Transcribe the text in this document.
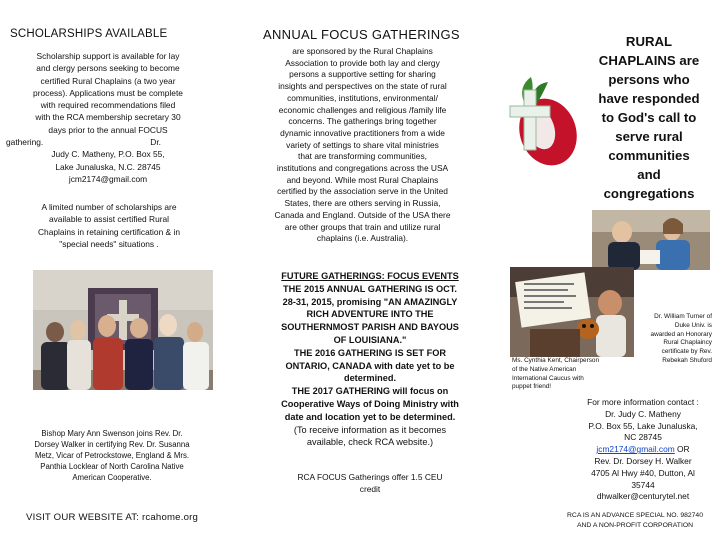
SCHOLARSHIPS AVAILABLE
Scholarship support is available for lay
and clergy persons seeking to become
certified Rural Chaplains (a two year
process). Applications must be complete
with required recommendations filed
with the RCA membership secretary 30
days prior to the annual FOCUS
gathering.                                              Dr.
Judy C. Matheny, P.O. Box 55,
Lake Junaluska, N.C. 28745
jcm2174@gmail.com
A limited number of scholarships are
available to assist certified Rural
Chaplains in retaining certification & in
"special needs" situations .
Bishop Mary Ann Swenson joins Rev. Dr.
Dorsey Walker in certifying Rev. Dr. Susanna
Metz, Vicar of Petrockstowe, England & Mrs.
Panthia Locklear of North Carolina Native
American Cooperative.
VISIT OUR WEBSITE AT: rcahome.org
ANNUAL FOCUS GATHERINGS
are sponsored by the Rural Chaplains
Association to provide both lay and clergy
persons a supportive setting for sharing
insights and perspectives on the state of rural
communities, institutions, environmental/
economic challenges and religious /family life
concerns. The gatherings bring together
dynamic innovative practitioners from a wide
variety of settings to share vital ministries
that are transforming communities,
institutions and congregations across the USA
and beyond. While most Rural Chaplains
certified by the association serve in the United
States, there are others serving in Russia,
Canada and England. Outside of the USA there
are other groups that train and utilize rural
chaplains (i.e. Australia).
FUTURE GATHERINGS: FOCUS EVENTS
THE 2015 ANNUAL GATHERING IS OCT.
28-31, 2015, promising "AN AMAZINGLY
RICH ADVENTURE INTO THE
SOUTHERNMOST PARISH AND BAYOUS
OF LOUISIANA."
THE 2016 GATHERING IS SET FOR
ONTARIO, CANADA with date yet to be
determined.
THE 2017 GATHERING will focus on
Cooperative Ways of Doing Ministry with
date and location yet to be determined.
(To receive information as it becomes
available, check RCA website.)
RCA FOCUS Gatherings offer 1.5 CEU
credit
RURAL
CHAPLAINS are
persons who
have responded
to God's call to
serve rural
communities
and
congregations
Dr. William Turner of
Duke Univ. is
awarded an Honorary
Rural Chaplaincy
certificate by Rev.
Rebekah Shuford
Ms. Cynthia Kent, Chairperson
of the Native American
International Caucus with
puppet friend!
For more information contact :
Dr. Judy C. Matheny
P.O. Box 55, Lake Junaluska,
NC 28745
jcm2174@gmail.com OR
Rev. Dr. Dorsey H. Walker
4705 Al Hwy #40, Dutton, Al
35744
dhwalker@centurytel.net
RCA IS AN ADVANCE SPECIAL NO. 982740
AND A NON-PROFIT CORPORATION
